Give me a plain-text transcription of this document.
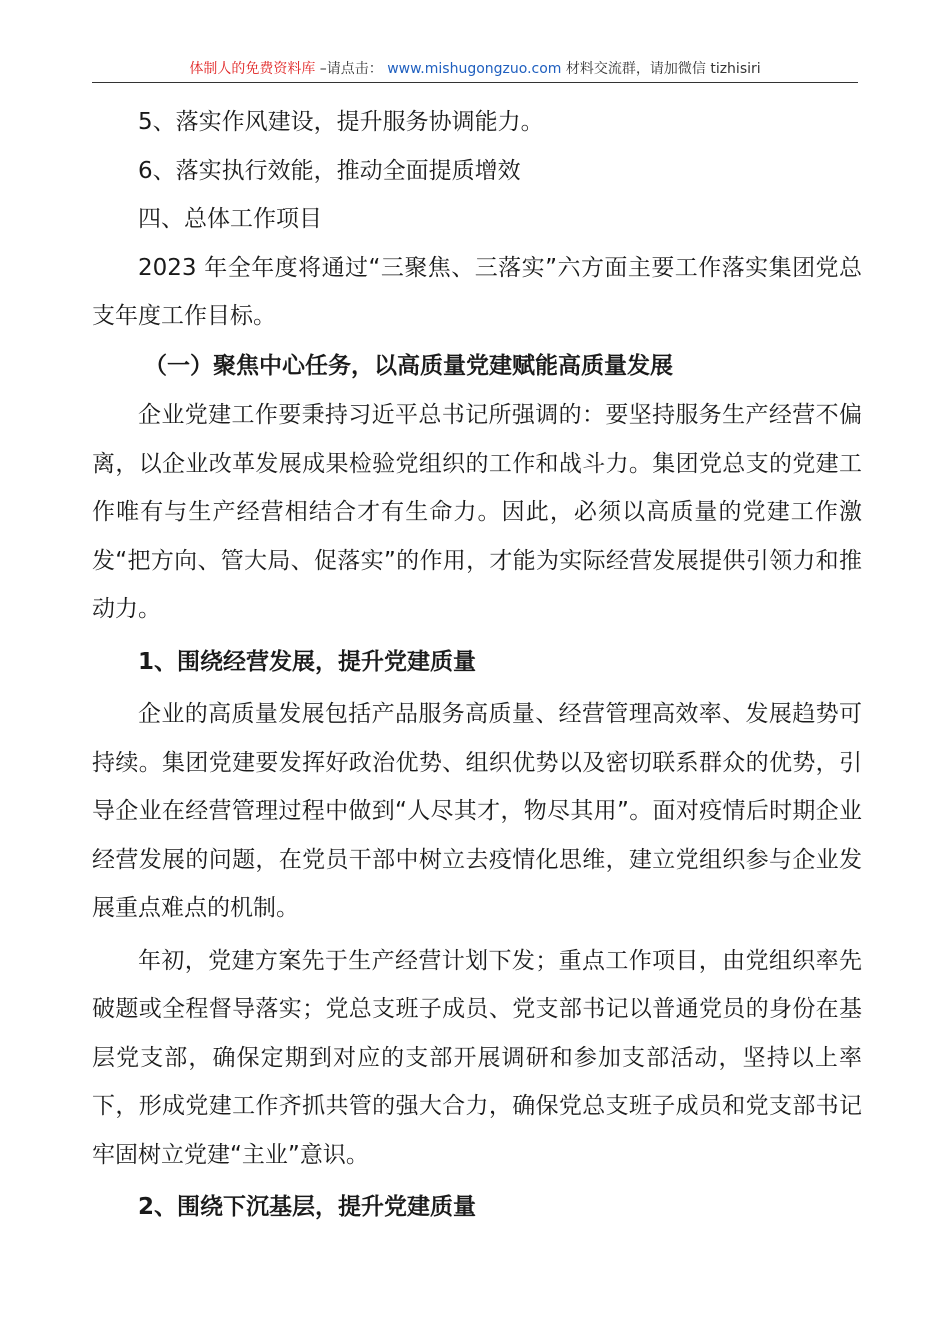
体制人的免费资料库 –请点击： www.mishugongzuo.com 材料交流群，请加微信 tizhisiri

5、落实作风建设，提升服务协调能力。

6、落实执行效能，推动全面提质增效

四、总体工作项目

2023 年全年度将通过“三聚焦、三落实”六方面主要工作落实集团党总支年度工作目标。

（一）聚焦中心任务，以高质量党建赋能高质量发展

企业党建工作要秉持习近平总书记所强调的：要坚持服务生产经营不偏离，以企业改革发展成果检验党组织的工作和战斗力。集团党总支的党建工作唯有与生产经营相结合才有生命力。因此，必须以高质量的党建工作激发“把方向、管大局、促落实”的作用，才能为实际经营发展提供引领力和推动力。

1、围绕经营发展，提升党建质量

企业的高质量发展包括产品服务高质量、经营管理高效率、发展趋势可持续。集团党建要发挥好政治优势、组织优势以及密切联系群众的优势，引导企业在经营管理过程中做到“人尽其才，物尽其用”。面对疫情后时期企业经营发展的问题，在党员干部中树立去疫情化思维，建立党组织参与企业发展重点难点的机制。

年初，党建方案先于生产经营计划下发；重点工作项目，由党组织率先破题或全程督导落实；党总支班子成员、党支部书记以普通党员的身份在基层党支部，确保定期到对应的支部开展调研和参加支部活动，坚持以上率下，形成党建工作齐抓共管的强大合力，确保党总支班子成员和党支部书记牢固树立党建“主业”意识。

2、围绕下沉基层，提升党建质量
